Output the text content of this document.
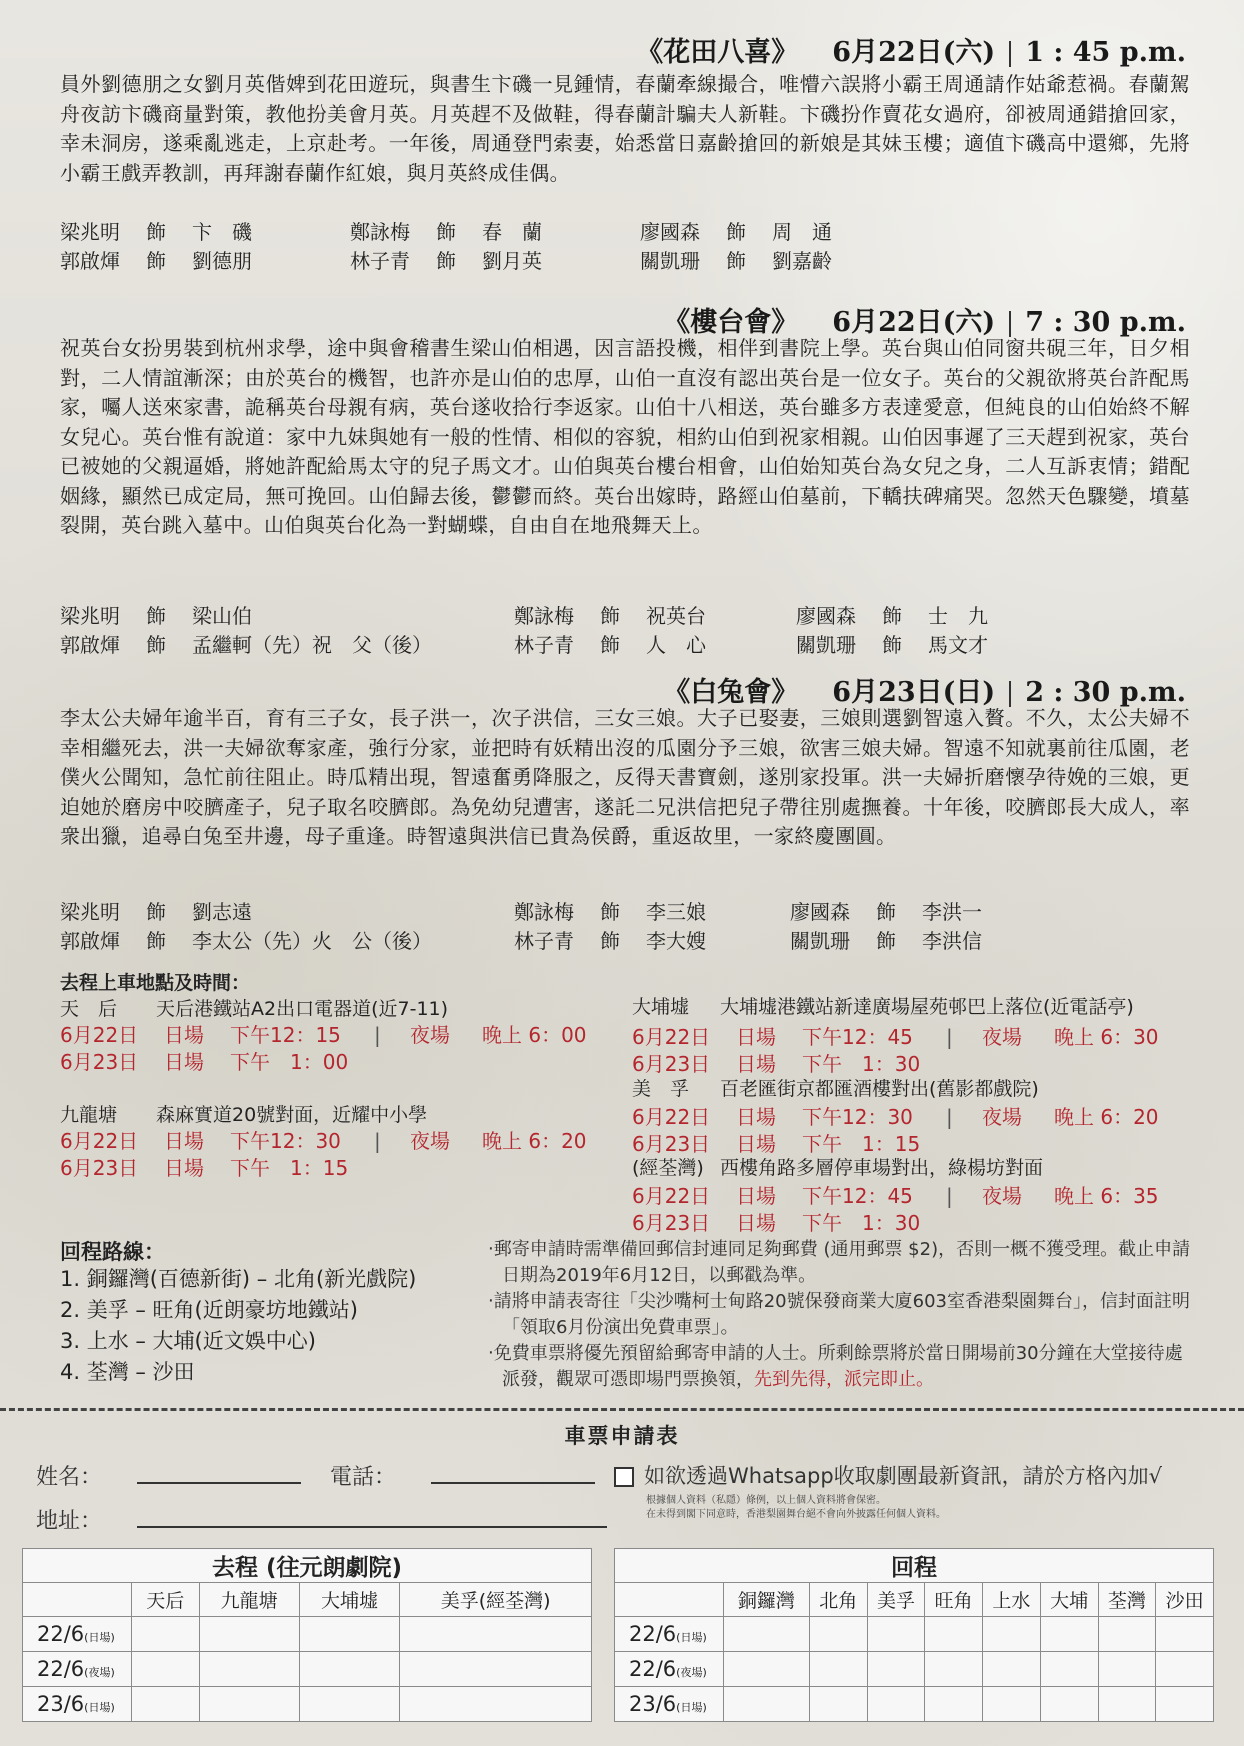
《花田八喜》 6月22日(六) 1 : 45 p.m.

員外劉德朋之女劉月英偕婢到花田遊玩，與書生卞磯一見鍾情，春蘭牽線撮合，唯懵六誤將小霸王周通請作姑爺惹禍。春蘭駕舟夜訪卞磯商量對策，教他扮美會月英。月英趕不及做鞋，得春蘭計騙夫人新鞋。卞磯扮作賣花女過府，卻被周通錯搶回家，幸未洞房，遂乘亂逃走，上京赴考。一年後，周通登門索妻，始悉當日嘉齡搶回的新娘是其妹玉樓；適值卞磯高中還鄉，先將小霸王戲弄教訓，再拜謝春蘭作紅娘，與月英終成佳偶。

梁兆明 飾 卞　磯	鄭詠梅 飾 春　蘭	廖國森 飾 周　通
郭啟煇 飾 劉德朋	林子青 飾 劉月英	關凱珊 飾 劉嘉齡
《樓台會》 6月22日(六) 7 : 30 p.m.

祝英台女扮男裝到杭州求學，途中與會稽書生梁山伯相遇，因言語投機，相伴到書院上學。英台與山伯同窗共硯三年，日夕相對，二人情誼漸深；由於英台的機智，也許亦是山伯的忠厚，山伯一直沒有認出英台是一位女子。英台的父親欲將英台許配馬家，囑人送來家書，詭稱英台母親有病，英台遂收拾行李返家。山伯十八相送，英台雖多方表達愛意，但純良的山伯始終不解女兒心。英台惟有說道：家中九妹與她有一般的性情、相似的容貌，相約山伯到祝家相親。山伯因事遲了三天趕到祝家，英台已被她的父親逼婚，將她許配給馬太守的兒子馬文才。山伯與英台樓台相會，山伯始知英台為女兒之身，二人互訴衷情；錯配姻緣，顯然已成定局，無可挽回。山伯歸去後，鬱鬱而終。英台出嫁時，路經山伯墓前，下轎扶碑痛哭。忽然天色驟變，墳墓裂開，英台跳入墓中。山伯與英台化為一對蝴蝶，自由自在地飛舞天上。

梁兆明 飾 梁山伯	鄭詠梅 飾 祝英台	廖國森 飾 士　九
郭啟煇 飾 孟繼軻（先）祝　父（後）	林子青 飾 人　心	關凱珊 飾 馬文才
《白兔會》 6月23日(日) 2 : 30 p.m.

李太公夫婦年逾半百，育有三子女，長子洪一，次子洪信，三女三娘。大子已娶妻，三娘則選劉智遠入贅。不久，太公夫婦不幸相繼死去，洪一夫婦欲奪家產，強行分家，並把時有妖精出沒的瓜園分予三娘，欲害三娘夫婦。智遠不知就裏前往瓜園，老僕火公聞知，急忙前往阻止。時瓜精出現，智遠奮勇降服之，反得天書寶劍，遂別家投軍。洪一夫婦折磨懷孕待娩的三娘，更迫她於磨房中咬臍產子，兒子取名咬臍郎。為免幼兒遭害，遂託二兄洪信把兒子帶往別處撫養。十年後，咬臍郎長大成人，率衆出獵，追尋白兔至井邊，母子重逢。時智遠與洪信已貴為侯爵，重返故里，一家終慶團圓。

梁兆明 飾 劉志遠	鄭詠梅 飾 李三娘	廖國森 飾 李洪一
郭啟煇 飾 李太公（先）火　公（後）	林子青 飾 李大嫂	關凱珊 飾 李洪信
去程上車地點及時間：
天　后 天后港鐵站A2出口電器道(近7-11)
6月22日 日場 下午12：15 | 夜場 晚上 6：00
6月23日 日場 下午　1：00
九龍塘 森麻實道20號對面，近耀中小學
6月22日 日場 下午12：30 | 夜場 晚上 6：20
6月23日 日場 下午　1：15
大埔墟 大埔墟港鐵站新達廣場屋苑邨巴上落位(近電話亭)
6月22日 日場 下午12：45 | 夜場 晚上 6：30
6月23日 日場 下午　1：30
美　孚 百老匯街京都匯酒樓對出(舊影都戲院)
6月22日 日場 下午12：30 | 夜場 晚上 6：20
6月23日 日場 下午　1：15
(經荃灣) 西樓角路多層停車場對出，綠楊坊對面
6月22日 日場 下午12：45 | 夜場 晚上 6：35
6月23日 日場 下午　1：30
回程路線：
1. 銅鑼灣(百德新街) – 北角(新光戲院)
2. 美孚 – 旺角(近朗豪坊地鐵站)
3. 上水 – 大埔(近文娛中心)
4. 荃灣 – 沙田

‧郵寄申請時需準備回郵信封連同足夠郵費 (通用郵票 $2)，否則一概不獲受理。截止申請日期為2019年6月12日，以郵戳為準。

‧請將申請表寄往「尖沙嘴柯士甸路20號保發商業大廈603室香港梨園舞台」，信封面註明「領取6月份演出免費車票」。

‧免費車票將優先預留給郵寄申請的人士。所剩餘票將於當日開場前30分鐘在大堂接待處派發，觀眾可憑即場門票換領，先到先得，派完即止。

車票申請表
姓名：	電話：
地址：
如欲透過Whatsapp收取劇團最新資訊，請於方格內加√
根據個人資料（私隱）條例，以上個人資料將會保密。
在未得到閣下同意時，香港梨園舞台絕不會向外披露任何個人資料。
去程 (往元朗劇院)				
	天后	九龍塘	大埔墟	美孚(經荃灣)
22/6(日場)				
22/6(夜場)				
23/6(日場)				
回程								
	銅鑼灣	北角	美孚	旺角	上水	大埔	荃灣	沙田
22/6(日場)								
22/6(夜場)								
23/6(日場)								
